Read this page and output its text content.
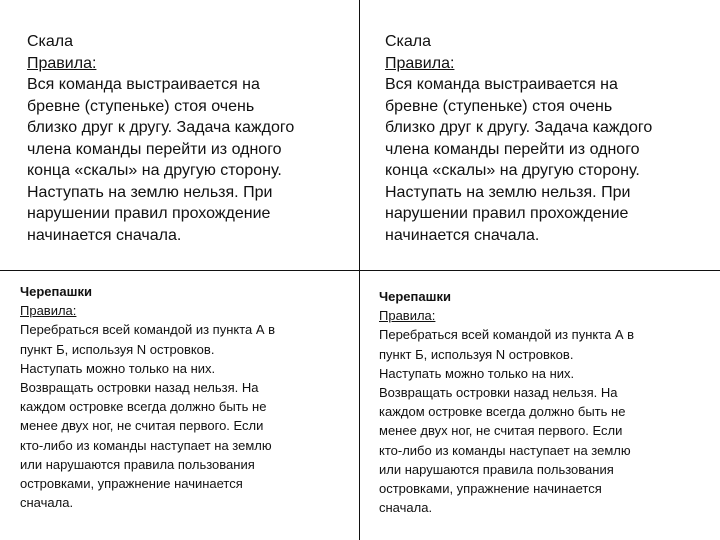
Скала
Правила:
Вся команда выстраивается на
бревне (ступеньке) стоя очень
близко друг к другу. Задача каждого
члена команды перейти из одного
конца «скалы» на другую сторону.
Наступать на землю нельзя. При
нарушении правил прохождение
начинается сначала.
Скала
Правила:
Вся команда выстраивается на
бревне (ступеньке) стоя очень
близко друг к другу. Задача каждого
члена команды перейти из одного
конца «скалы» на другую сторону.
Наступать на землю нельзя. При
нарушении правил прохождение
начинается сначала.
Черепашки
Правила:
Перебраться всей командой из пункта А в
пункт Б, используя N островков.
Наступать можно только на них.
Возвращать островки назад нельзя. На
каждом островке всегда должно быть не
менее двух ног, не считая первого. Если
кто-либо из команды наступает на землю
или нарушаются правила пользования
островками, упражнение начинается
сначала.
Черепашки
Правила:
Перебраться всей командой из пункта А в
пункт Б, используя N островков.
Наступать можно только на них.
Возвращать островки назад нельзя. На
каждом островке всегда должно быть не
менее двух ног, не считая первого. Если
кто-либо из команды наступает на землю
или нарушаются правила пользования
островками, упражнение начинается
сначала.
